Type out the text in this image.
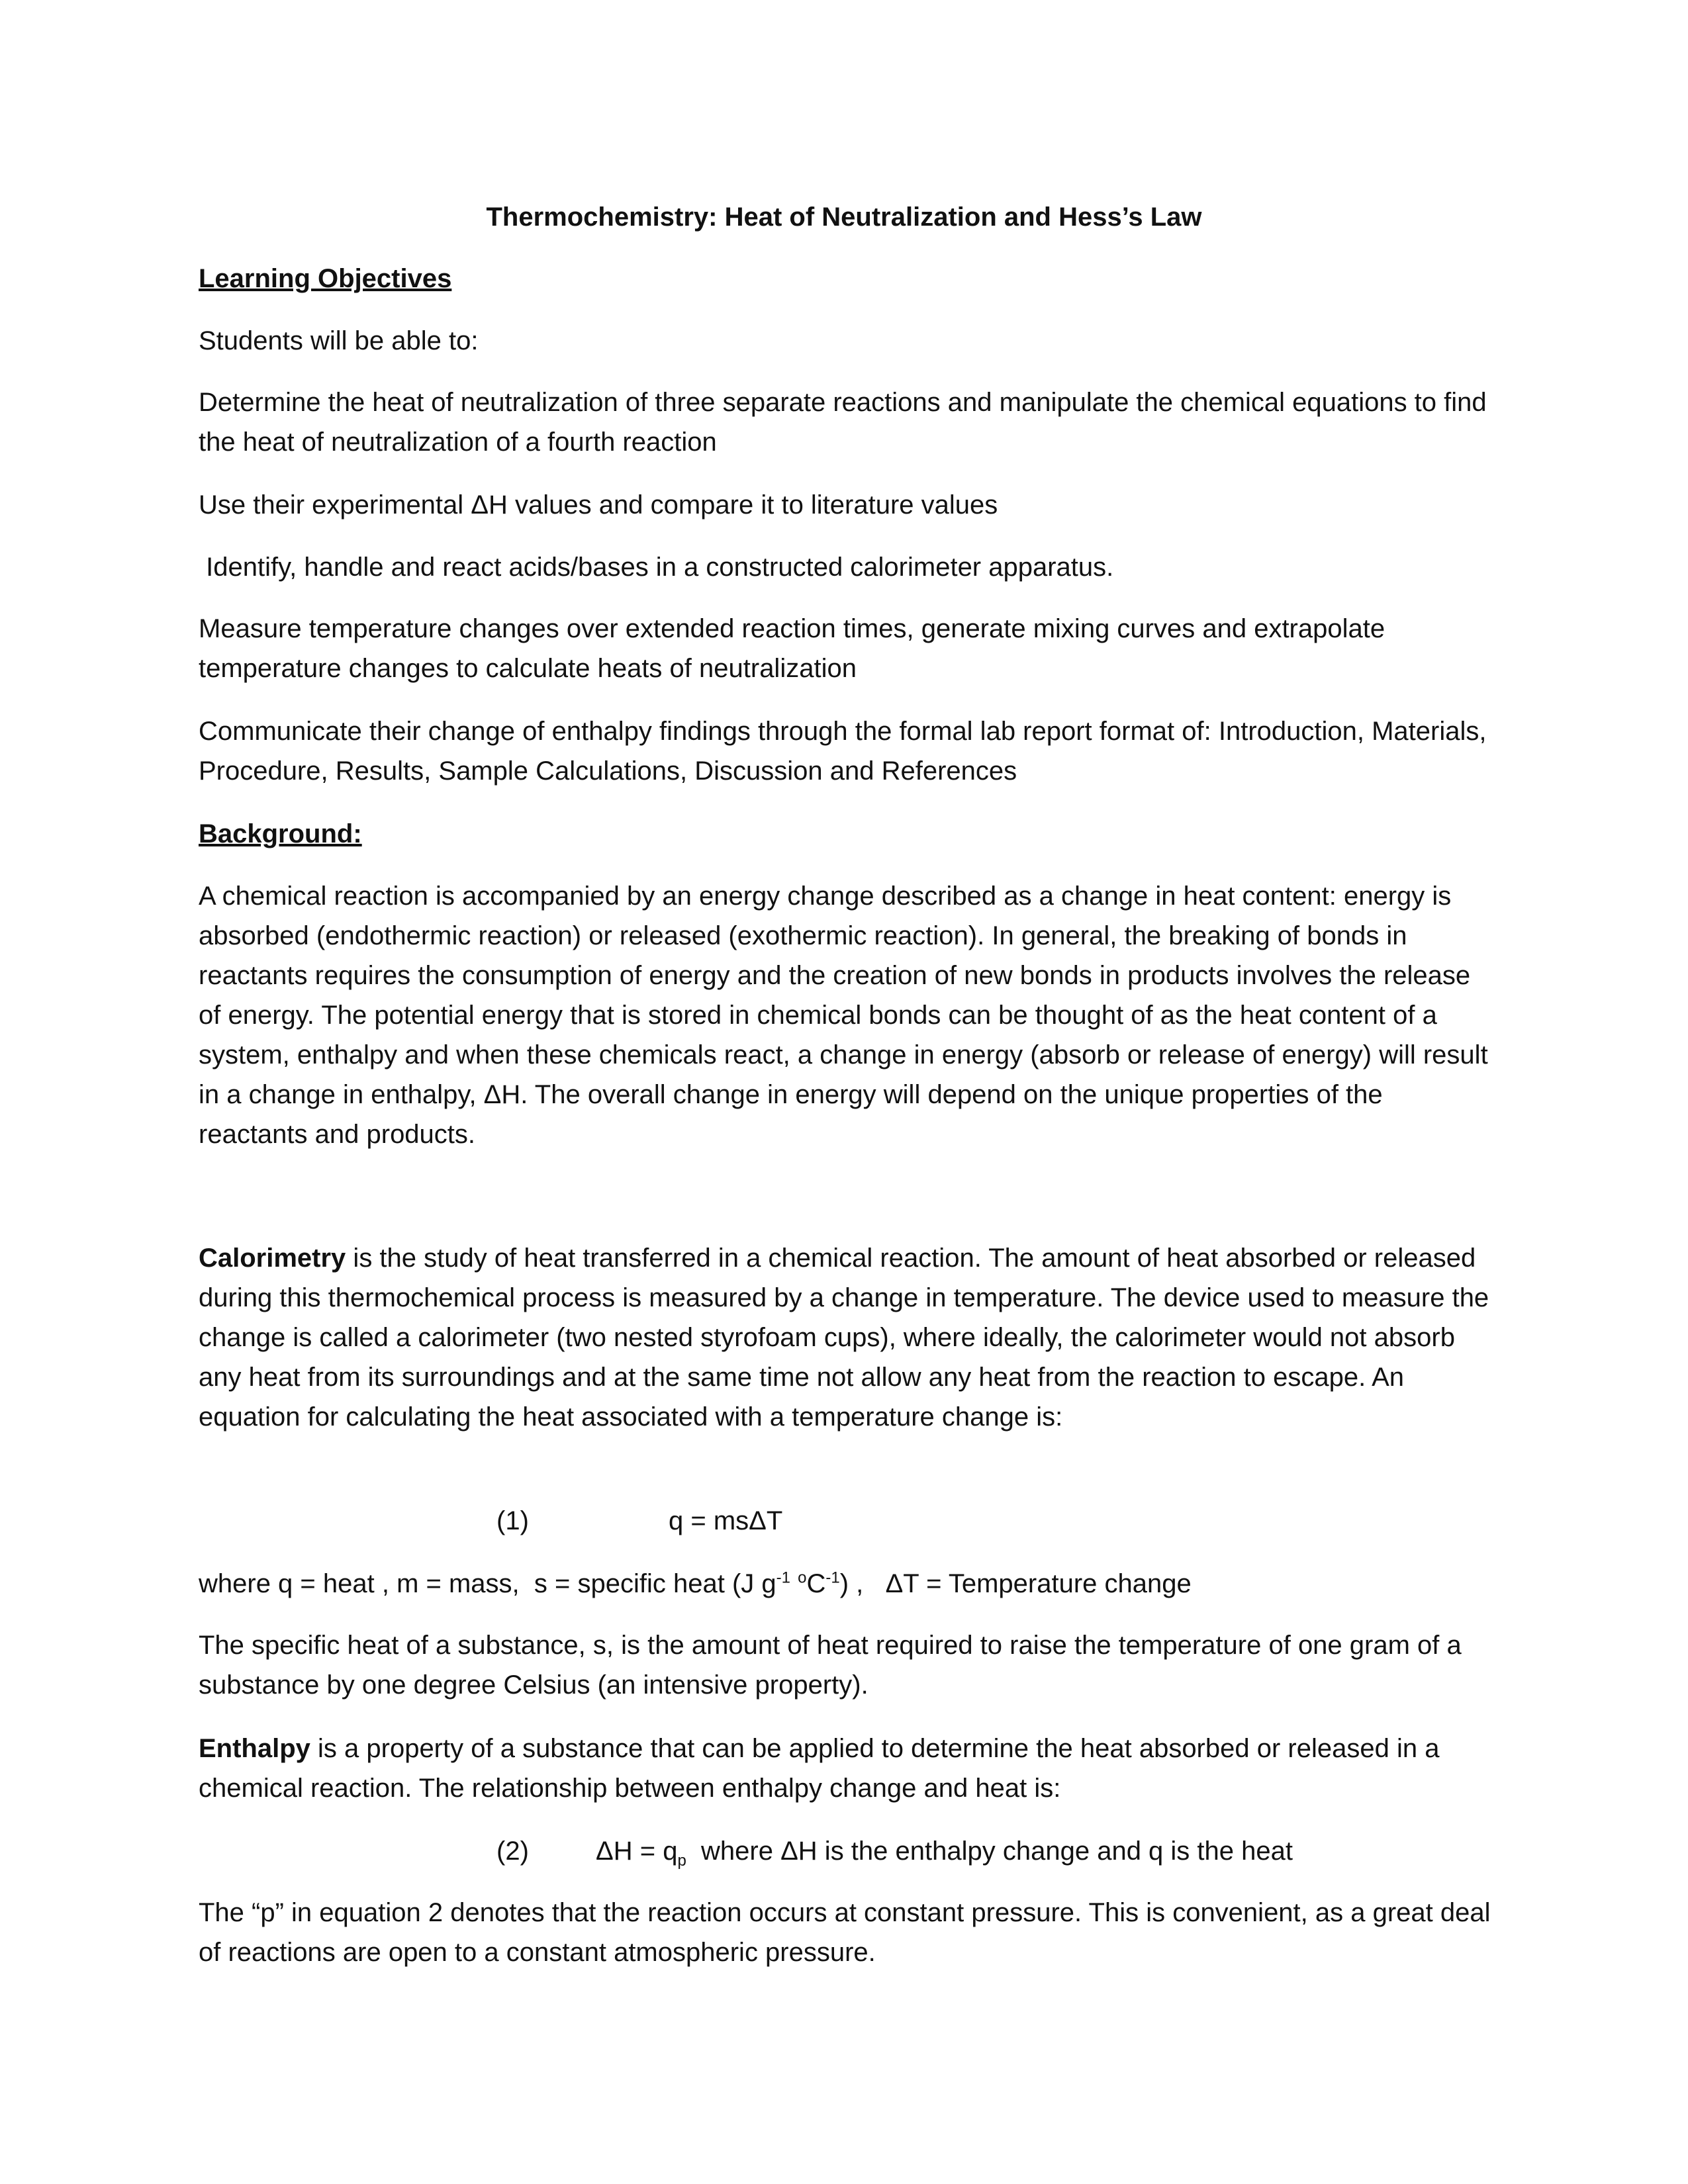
Thermochemistry: Heat of Neutralization and Hess’s Law

Learning Objectives

Students will be able to:

Determine the heat of neutralization of three separate reactions and manipulate the chemical equations to find the heat of neutralization of a fourth reaction

Use their experimental ΔH values and compare it to literature values

Identify, handle and react acids/bases in a constructed calorimeter apparatus.

Measure temperature changes over extended reaction times, generate mixing curves and extrapolate temperature changes to calculate heats of neutralization

Communicate their change of enthalpy findings through the formal lab report format of: Introduction, Materials, Procedure, Results, Sample Calculations, Discussion and References

Background:

A chemical reaction is accompanied by an energy change described as a change in heat content: energy is absorbed (endothermic reaction) or released (exothermic reaction). In general, the breaking of bonds in reactants requires the consumption of energy and the creation of new bonds in products involves the release of energy. The potential energy that is stored in chemical bonds can be thought of as the heat content of a system, enthalpy and when these chemicals react, a change in energy (absorb or release of energy) will result in a change in enthalpy, ΔH. The overall change in energy will depend on the unique properties of the reactants and products.

Calorimetry is the study of heat transferred in a chemical reaction. The amount of heat absorbed or released during this thermochemical process is measured by a change in temperature. The device used to measure the change is called a calorimeter (two nested styrofoam cups), where ideally, the calorimeter would not absorb any heat from its surroundings and at the same time not allow any heat from the reaction to escape. An equation for calculating the heat associated with a temperature change is:

(1)	q = msΔT

where q = heat , m = mass,  s = specific heat (J $g^{-1}$ $^oC^{-1}$) ,   ΔT = Temperature change

The specific heat of a substance, s, is the amount of heat required to raise the temperature of one gram of a substance by one degree Celsius (an intensive property).

Enthalpy is a property of a substance that can be applied to determine the heat absorbed or released in a chemical reaction. The relationship between enthalpy change and heat is:

(2)	$\Delta H = q_p$  where ΔH is the enthalpy change and q is the heat

The “p” in equation 2 denotes that the reaction occurs at constant pressure. This is convenient, as a great deal of reactions are open to a constant atmospheric pressure.
